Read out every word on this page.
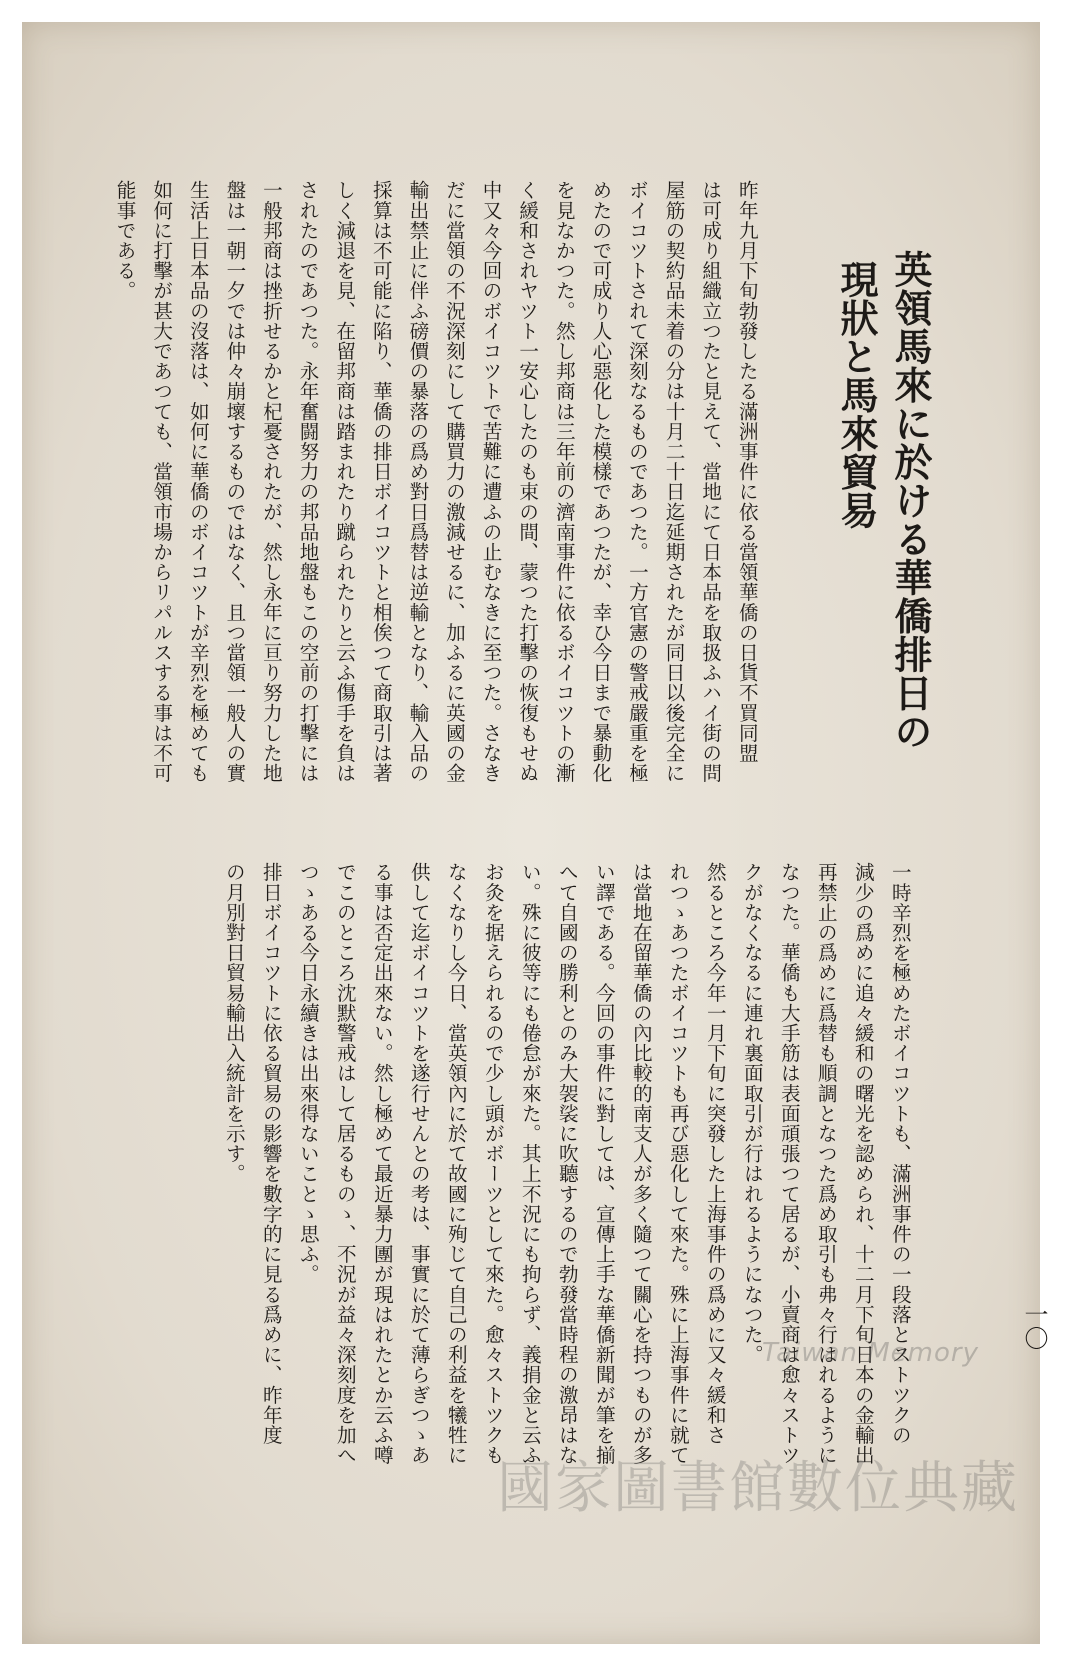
英領馬來に於ける華僑排日の
現狀と馬來貿易
昨年九月下旬勃發したる滿洲事件に依る當領華僑の日貨不買同盟
は可成り組織立つたと見えて、當地にて日本品を取扱ふハイ街の問
屋筋の契約品未着の分は十月二十日迄延期されたが同日以後完全に
ボイコツトされて深刻なるものであつた。一方官憲の警戒嚴重を極
めたので可成り人心惡化した模樣であつたが、幸ひ今日まで暴動化
を見なかつた。然し邦商は三年前の濟南事件に依るボイコツトの漸
く緩和されヤツト一安心したのも束の間、蒙つた打擊の恢復もせぬ
中又々今回のボイコツトで苦難に遭ふの止むなきに至つた。さなき
だに當領の不況深刻にして購買力の激減せるに、加ふるに英國の金
輸出禁止に伴ふ磅價の暴落の爲め對日爲替は逆輸となり、輸入品の
採算は不可能に陷り、華僑の排日ボイコツトと相俟つて商取引は著
しく減退を見、在留邦商は踏まれたり蹴られたりと云ふ傷手を負は
されたのであつた。永年奮闘努力の邦品地盤もこの空前の打擊には
一般邦商は挫折せるかと杞憂されたが、然し永年に亘り努力した地
盤は一朝一夕では仲々崩壞するものではなく、且つ當領一般人の實
生活上日本品の沒落は、如何に華僑のボイコツトが辛烈を極めても
如何に打擊が甚大であつても、當領市場からリパルスする事は不可
能事である。
一時辛烈を極めたボイコツトも、滿洲事件の一段落とストツクの
減少の爲めに追々緩和の曙光を認められ、十二月下旬日本の金輸出
再禁止の爲めに爲替も順調となつた爲め取引も弗々行はれるように
なつた。華僑も大手筋は表面頑張つて居るが、小賣商は愈々ストツ
クがなくなるに連れ裏面取引が行はれるようになつた。
然るところ今年一月下旬に突發した上海事件の爲めに又々緩和さ
れつゝあつたボイコツトも再び惡化して來た。殊に上海事件に就て
は當地在留華僑の內比較的南支人が多く隨つて關心を持つものが多
い譯である。今回の事件に對しては、宣傳上手な華僑新聞が筆を揃
へて自國の勝利とのみ大袈裟に吹聽するので勃發當時程の激昂はな
い。殊に彼等にも倦怠が來た。其上不況にも拘らず、義捐金と云ふ
お灸を据えられるので少し頭がボーツとして來た。愈々ストツクも
なくなりし今日、當英領內に於て故國に殉じて自己の利益を犧牲に
供して迄ボイコツトを遂行せんとの考は、事實に於て薄らぎつゝあ
る事は否定出來ない。然し極めて最近暴力團が現はれたとか云ふ噂
でこのところ沈默警戒はして居るものゝ、不況が益々深刻度を加へ
つゝある今日永續きは出來得ないことゝ思ふ。
排日ボイコツトに依る貿易の影響を數字的に見る爲めに、昨年度
の月別對日貿易輸出入統計を示す。
一〇
Taiwan Memory
國家圖書館數位典藏
